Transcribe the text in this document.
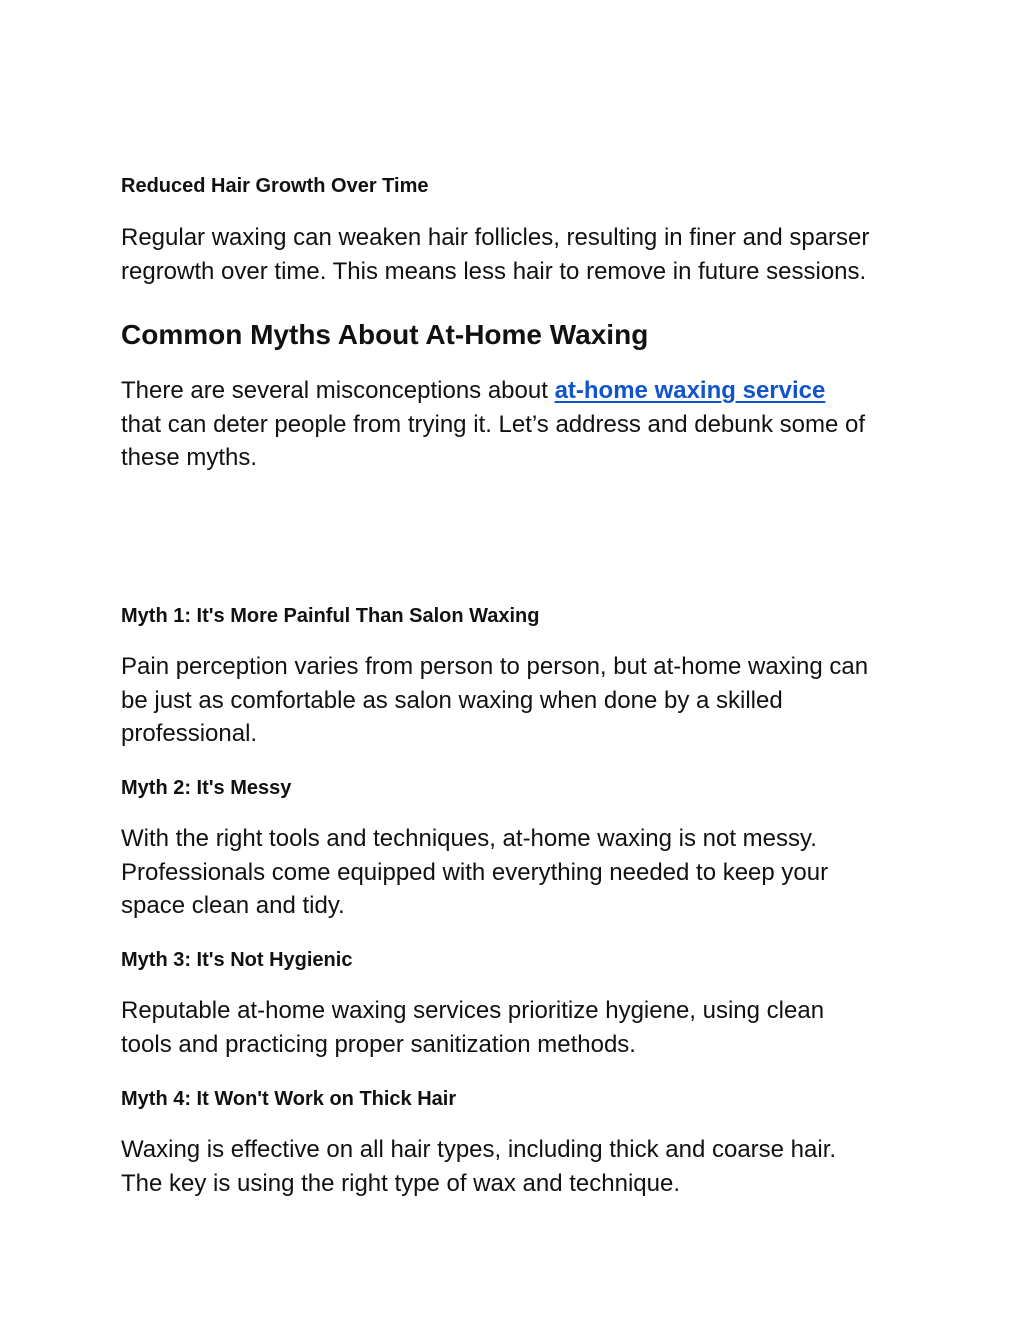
Reduced Hair Growth Over Time

Regular waxing can weaken hair follicles, resulting in finer and sparser
regrowth over time. This means less hair to remove in future sessions.

Common Myths About At-Home Waxing

There are several misconceptions about at-home waxing service
that can deter people from trying it. Let’s address and debunk some of
these myths.

Myth 1: It's More Painful Than Salon Waxing

Pain perception varies from person to person, but at-home waxing can
be just as comfortable as salon waxing when done by a skilled
professional.

Myth 2: It's Messy

With the right tools and techniques, at-home waxing is not messy.
Professionals come equipped with everything needed to keep your
space clean and tidy.

Myth 3: It's Not Hygienic

Reputable at-home waxing services prioritize hygiene, using clean
tools and practicing proper sanitization methods.

Myth 4: It Won't Work on Thick Hair

Waxing is effective on all hair types, including thick and coarse hair.
The key is using the right type of wax and technique.
